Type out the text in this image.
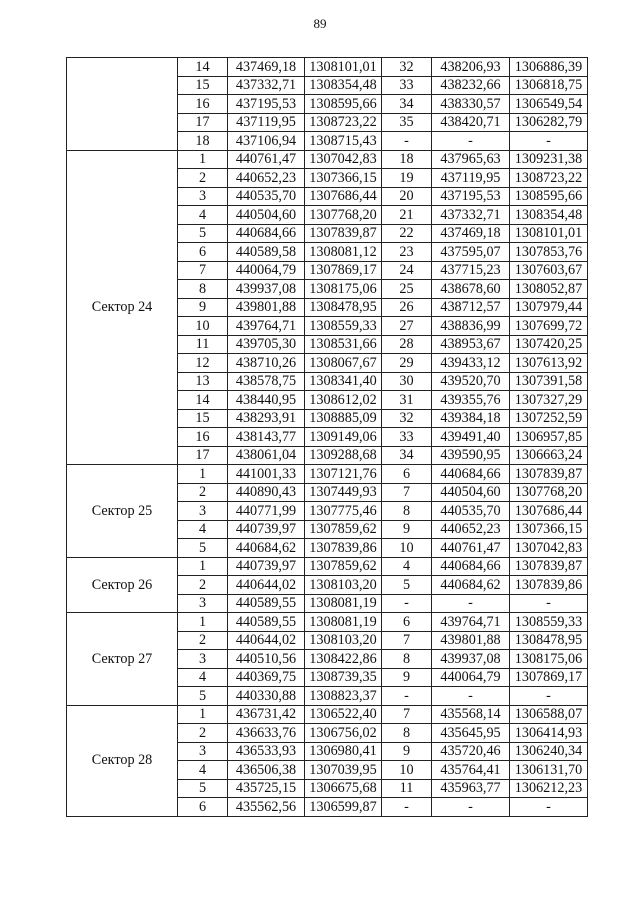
89
	14	437469,18	1308101,01	32	438206,93	1306886,39
	15	437332,71	1308354,48	33	438232,66	1306818,75
	16	437195,53	1308595,66	34	438330,57	1306549,54
	17	437119,95	1308723,22	35	438420,71	1306282,79
	18	437106,94	1308715,43	-	-	-
Сектор 24	1	440761,47	1307042,83	18	437965,63	1309231,38
	2	440652,23	1307366,15	19	437119,95	1308723,22
	3	440535,70	1307686,44	20	437195,53	1308595,66
	4	440504,60	1307768,20	21	437332,71	1308354,48
	5	440684,66	1307839,87	22	437469,18	1308101,01
	6	440589,58	1308081,12	23	437595,07	1307853,76
	7	440064,79	1307869,17	24	437715,23	1307603,67
	8	439937,08	1308175,06	25	438678,60	1308052,87
	9	439801,88	1308478,95	26	438712,57	1307979,44
	10	439764,71	1308559,33	27	438836,99	1307699,72
	11	439705,30	1308531,66	28	438953,67	1307420,25
	12	438710,26	1308067,67	29	439433,12	1307613,92
	13	438578,75	1308341,40	30	439520,70	1307391,58
	14	438440,95	1308612,02	31	439355,76	1307327,29
	15	438293,91	1308885,09	32	439384,18	1307252,59
	16	438143,77	1309149,06	33	439491,40	1306957,85
	17	438061,04	1309288,68	34	439590,95	1306663,24
Сектор 25	1	441001,33	1307121,76	6	440684,66	1307839,87
	2	440890,43	1307449,93	7	440504,60	1307768,20
	3	440771,99	1307775,46	8	440535,70	1307686,44
	4	440739,97	1307859,62	9	440652,23	1307366,15
	5	440684,62	1307839,86	10	440761,47	1307042,83
Сектор 26	1	440739,97	1307859,62	4	440684,66	1307839,87
	2	440644,02	1308103,20	5	440684,62	1307839,86
	3	440589,55	1308081,19	-	-	-
Сектор 27	1	440589,55	1308081,19	6	439764,71	1308559,33
	2	440644,02	1308103,20	7	439801,88	1308478,95
	3	440510,56	1308422,86	8	439937,08	1308175,06
	4	440369,75	1308739,35	9	440064,79	1307869,17
	5	440330,88	1308823,37	-	-	-
Сектор 28	1	436731,42	1306522,40	7	435568,14	1306588,07
	2	436633,76	1306756,02	8	435645,95	1306414,93
	3	436533,93	1306980,41	9	435720,46	1306240,34
	4	436506,38	1307039,95	10	435764,41	1306131,70
	5	435725,15	1306675,68	11	435963,77	1306212,23
	6	435562,56	1306599,87	-	-	-
